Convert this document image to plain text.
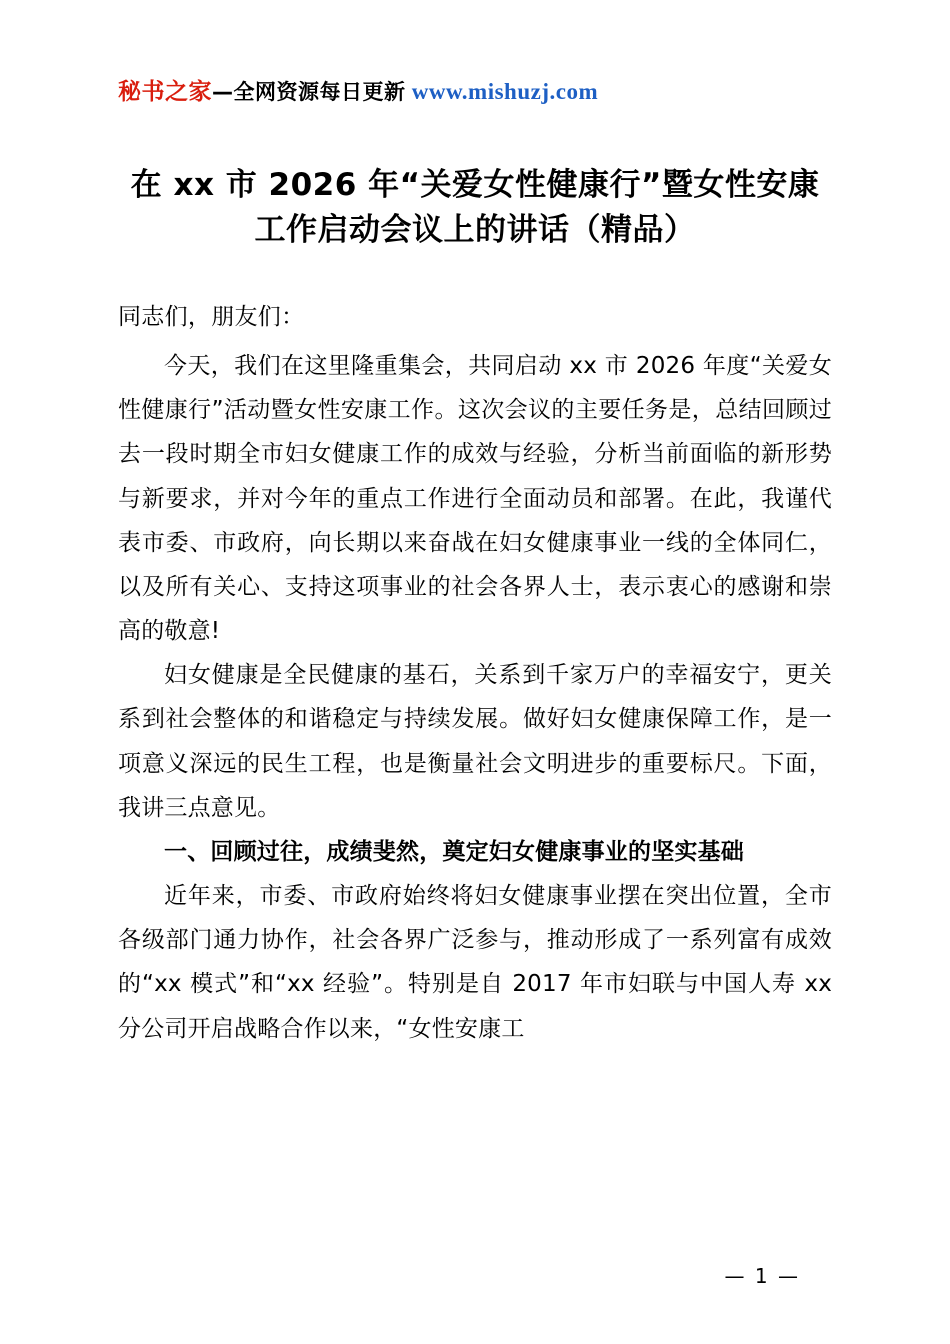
秘书之家—全网资源每日更新 www.mishuzj.com
在 xx 市 2026 年“关爱女性健康行”暨女性安康工作启动会议上的讲话（精品）
同志们，朋友们：

今天，我们在这里隆重集会，共同启动 xx 市 2026 年度“关爱女性健康行”活动暨女性安康工作。这次会议的主要任务是，总结回顾过去一段时期全市妇女健康工作的成效与经验，分析当前面临的新形势与新要求，并对今年的重点工作进行全面动员和部署。在此，我谨代表市委、市政府，向长期以来奋战在妇女健康事业一线的全体同仁，以及所有关心、支持这项事业的社会各界人士，表示衷心的感谢和崇高的敬意!

妇女健康是全民健康的基石，关系到千家万户的幸福安宁，更关系到社会整体的和谐稳定与持续发展。做好妇女健康保障工作，是一项意义深远的民生工程，也是衡量社会文明进步的重要标尺。下面，我讲三点意见。

一、回顾过往，成绩斐然，奠定妇女健康事业的坚实基础

近年来，市委、市政府始终将妇女健康事业摆在突出位置，全市各级部门通力协作，社会各界广泛参与，推动形成了一系列富有成效的“xx 模式”和“xx 经验”。特别是自 2017 年市妇联与中国人寿 xx 分公司开启战略合作以来，“女性安康工

— 1 —
